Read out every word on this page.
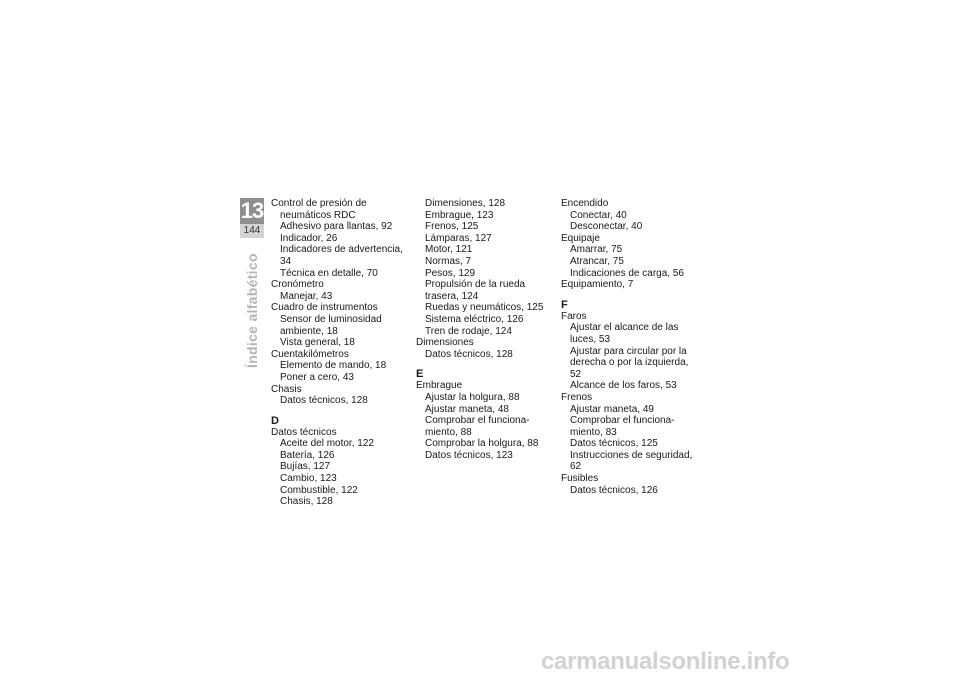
13
144
Índice alfabético
Control de presión de
neumáticos RDC
Adhesivo para llantas, 92
Indicador, 26
Indicadores de advertencia, 34
Técnica en detalle, 70
Cronómetro
Manejar, 43
Cuadro de instrumentos
Sensor de luminosidad
ambiente, 18
Vista general, 18
Cuentakilómetros
Elemento de mando, 18
Poner a cero, 43
Chasis
Datos técnicos, 128
D
Datos técnicos
Aceite del motor, 122
Batería, 126
Bujías, 127
Cambio, 123
Combustible, 122
Chasis, 128
Dimensiones, 128
Embrague, 123
Frenos, 125
Lámparas, 127
Motor, 121
Normas, 7
Pesos, 129
Propulsión de la rueda
trasera, 124
Ruedas y neumáticos, 125
Sistema eléctrico, 126
Tren de rodaje, 124
Dimensiones
Datos técnicos, 128
E
Embrague
Ajustar la holgura, 88
Ajustar maneta, 48
Comprobar el funciona-
miento, 88
Comprobar la holgura, 88
Datos técnicos, 123
Encendido
Conectar, 40
Desconectar, 40
Equipaje
Amarrar, 75
Atrancar, 75
Indicaciones de carga, 56
Equipamiento, 7
F
Faros
Ajustar el alcance de las
luces, 53
Ajustar para circular por la
derecha o por la izquierda, 52
Alcance de los faros, 53
Frenos
Ajustar maneta, 49
Comprobar el funciona-
miento, 83
Datos técnicos, 125
Instrucciones de seguridad, 62
Fusibles
Datos técnicos, 126
carmanualsonline.info
